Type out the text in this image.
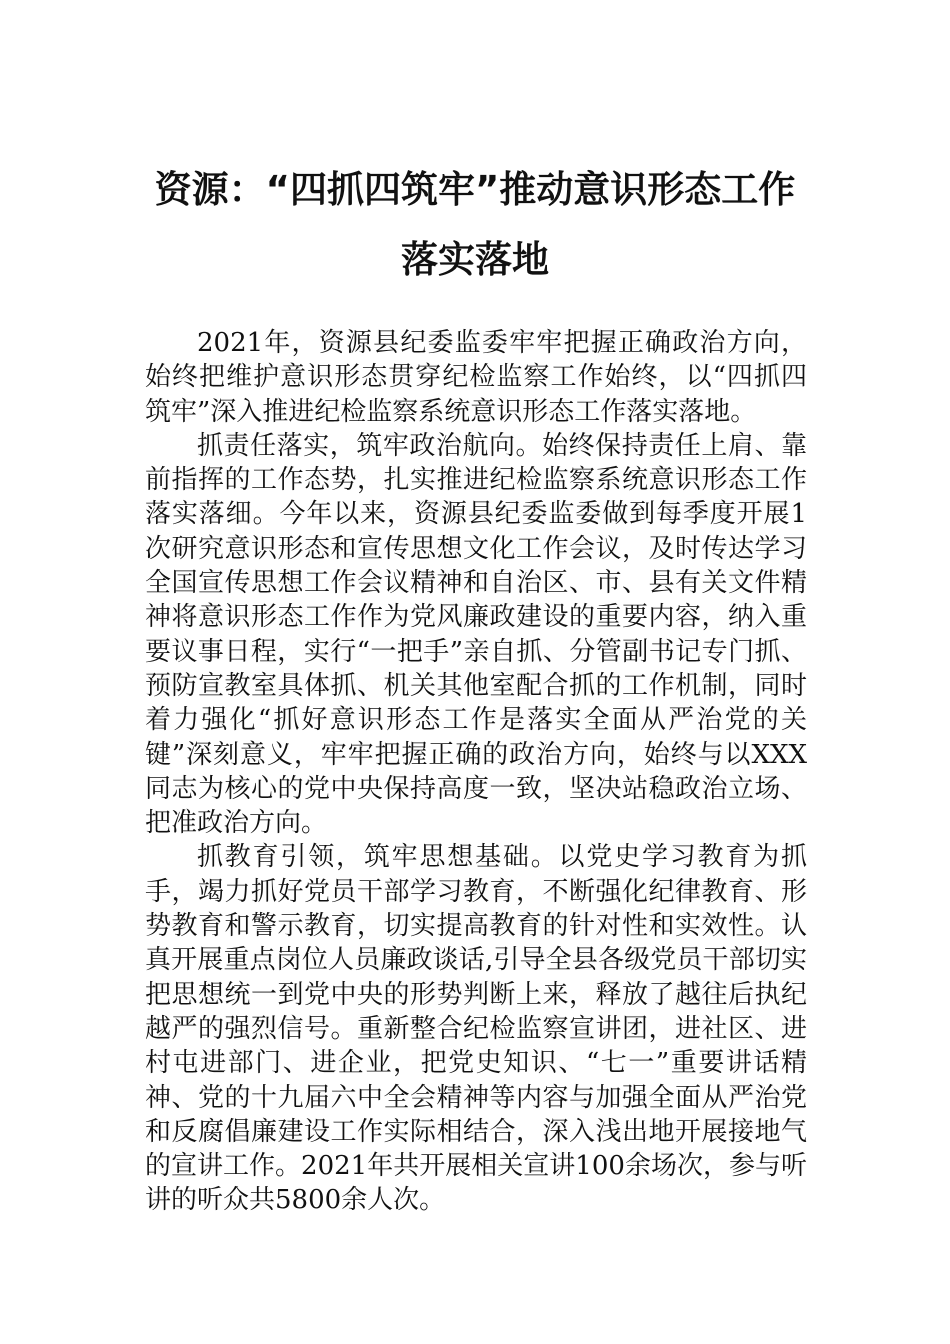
资源：“四抓四筑牢”推动意识形态工作
落实落地

2021年，资源县纪委监委牢牢把握正确政治方向，始终把维护意识形态贯穿纪检监察工作始终，以“四抓四筑牢”深入推进纪检监察系统意识形态工作落实落地。

抓责任落实，筑牢政治航向。始终保持责任上肩、靠前指挥的工作态势，扎实推进纪检监察系统意识形态工作落实落细。今年以来，资源县纪委监委做到每季度开展1次研究意识形态和宣传思想文化工作会议，及时传达学习全国宣传思想工作会议精神和自治区、市、县有关文件精神将意识形态工作作为党风廉政建设的重要内容，纳入重要议事日程，实行“一把手”亲自抓、分管副书记专门抓、预防宣教室具体抓、机关其他室配合抓的工作机制，同时着力强化“抓好意识形态工作是落实全面从严治党的关键”深刻意义，牢牢把握正确的政治方向，始终与以XXX同志为核心的党中央保持高度一致，坚决站稳政治立场、把准政治方向。

抓教育引领，筑牢思想基础。以党史学习教育为抓手，竭力抓好党员干部学习教育，不断强化纪律教育、形势教育和警示教育，切实提高教育的针对性和实效性。认真开展重点岗位人员廉政谈话,引导全县各级党员干部切实把思想统一到党中央的形势判断上来，释放了越往后执纪越严的强烈信号。重新整合纪检监察宣讲团，进社区、进村屯进部门、进企业，把党史知识、“七一”重要讲话精神、党的十九届六中全会精神等内容与加强全面从严治党和反腐倡廉建设工作实际相结合，深入浅出地开展接地气的宣讲工作。2021年共开展相关宣讲100余场次，参与听讲的听众共5800余人次。
